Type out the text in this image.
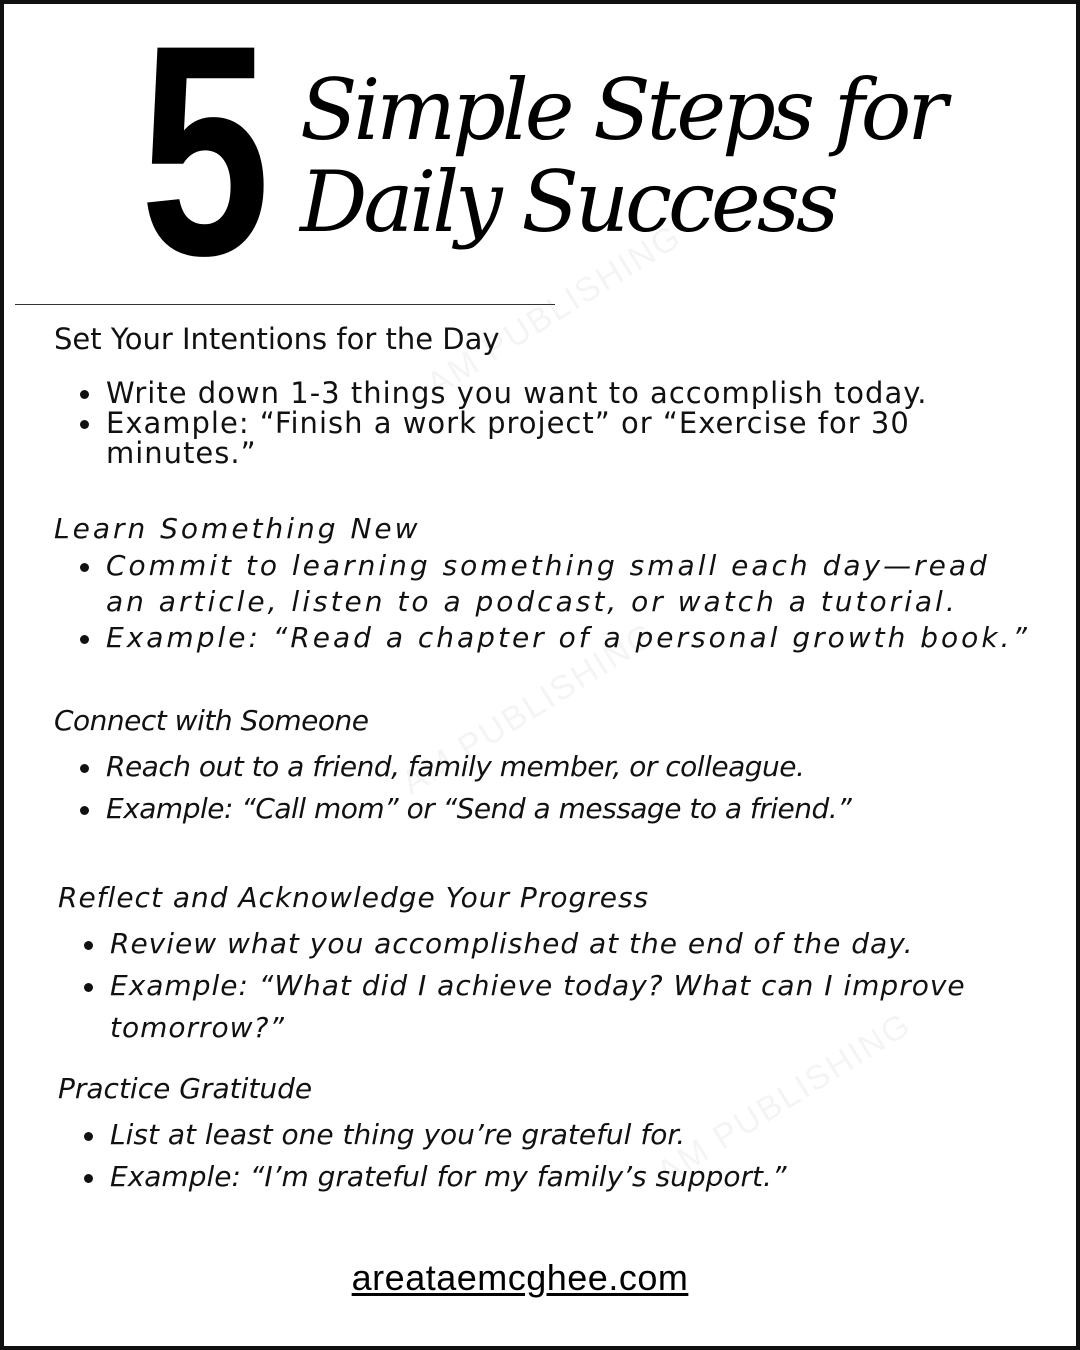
5 Simple Steps for
Daily Success
Set Your Intentions for the Day
Write down 1-3 things you want to accomplish today.
Example: “Finish a work project” or “Exercise for 30 minutes.”
Learn Something New
Commit to learning something small each day—read an article, listen to a podcast, or watch a tutorial.
Example: “Read a chapter of a personal growth book.”
Connect with Someone
Reach out to a friend, family member, or colleague.
Example: “Call mom” or “Send a message to a friend.”
Reflect and Acknowledge Your Progress
Review what you accomplished at the end of the day.
Example: “What did I achieve today? What can I improve tomorrow?”
Practice Gratitude
List at least one thing you’re grateful for.
Example: “I’m grateful for my family’s support.”
areataemcghee.com
